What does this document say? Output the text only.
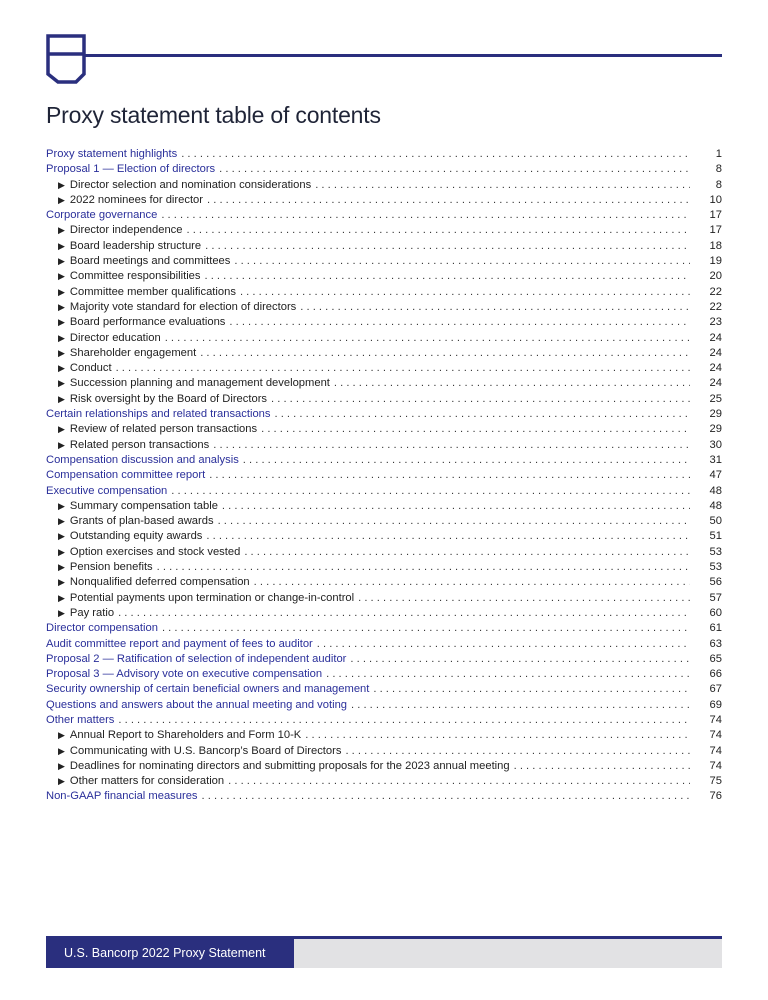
Proxy statement table of contents
Proxy statement highlights . . .	1
Proposal 1 — Election of directors . . .	8
▶ Director selection and nomination considerations . . .	8
▶ 2022 nominees for director . . .	10
Corporate governance . . .	17
▶ Director independence . . .	17
▶ Board leadership structure . . .	18
▶ Board meetings and committees . . .	19
▶ Committee responsibilities . . .	20
▶ Committee member qualifications . . .	22
▶ Majority vote standard for election of directors . . .	22
▶ Board performance evaluations . . .	23
▶ Director education . . .	24
▶ Shareholder engagement . . .	24
▶ Conduct . . .	24
▶ Succession planning and management development . . .	24
▶ Risk oversight by the Board of Directors . . .	25
Certain relationships and related transactions . . .	29
▶ Review of related person transactions . . .	29
▶ Related person transactions . . .	30
Compensation discussion and analysis . . .	31
Compensation committee report . . .	47
Executive compensation . . .	48
▶ Summary compensation table . . .	48
▶ Grants of plan-based awards . . .	50
▶ Outstanding equity awards . . .	51
▶ Option exercises and stock vested . . .	53
▶ Pension benefits . . .	53
▶ Nonqualified deferred compensation . . .	56
▶ Potential payments upon termination or change-in-control . . .	57
▶ Pay ratio . . .	60
Director compensation . . .	61
Audit committee report and payment of fees to auditor . . .	63
Proposal 2 — Ratification of selection of independent auditor . . .	65
Proposal 3 — Advisory vote on executive compensation . . .	66
Security ownership of certain beneficial owners and management . . .	67
Questions and answers about the annual meeting and voting . . .	69
Other matters . . .	74
▶ Annual Report to Shareholders and Form 10-K . . .	74
▶ Communicating with U.S. Bancorp’s Board of Directors . . .	74
▶ Deadlines for nominating directors and submitting proposals for the 2023 annual meeting . . .	74
▶ Other matters for consideration . . .	75
Non-GAAP financial measures . . .	76
U.S. Bancorp 2022 Proxy Statement
